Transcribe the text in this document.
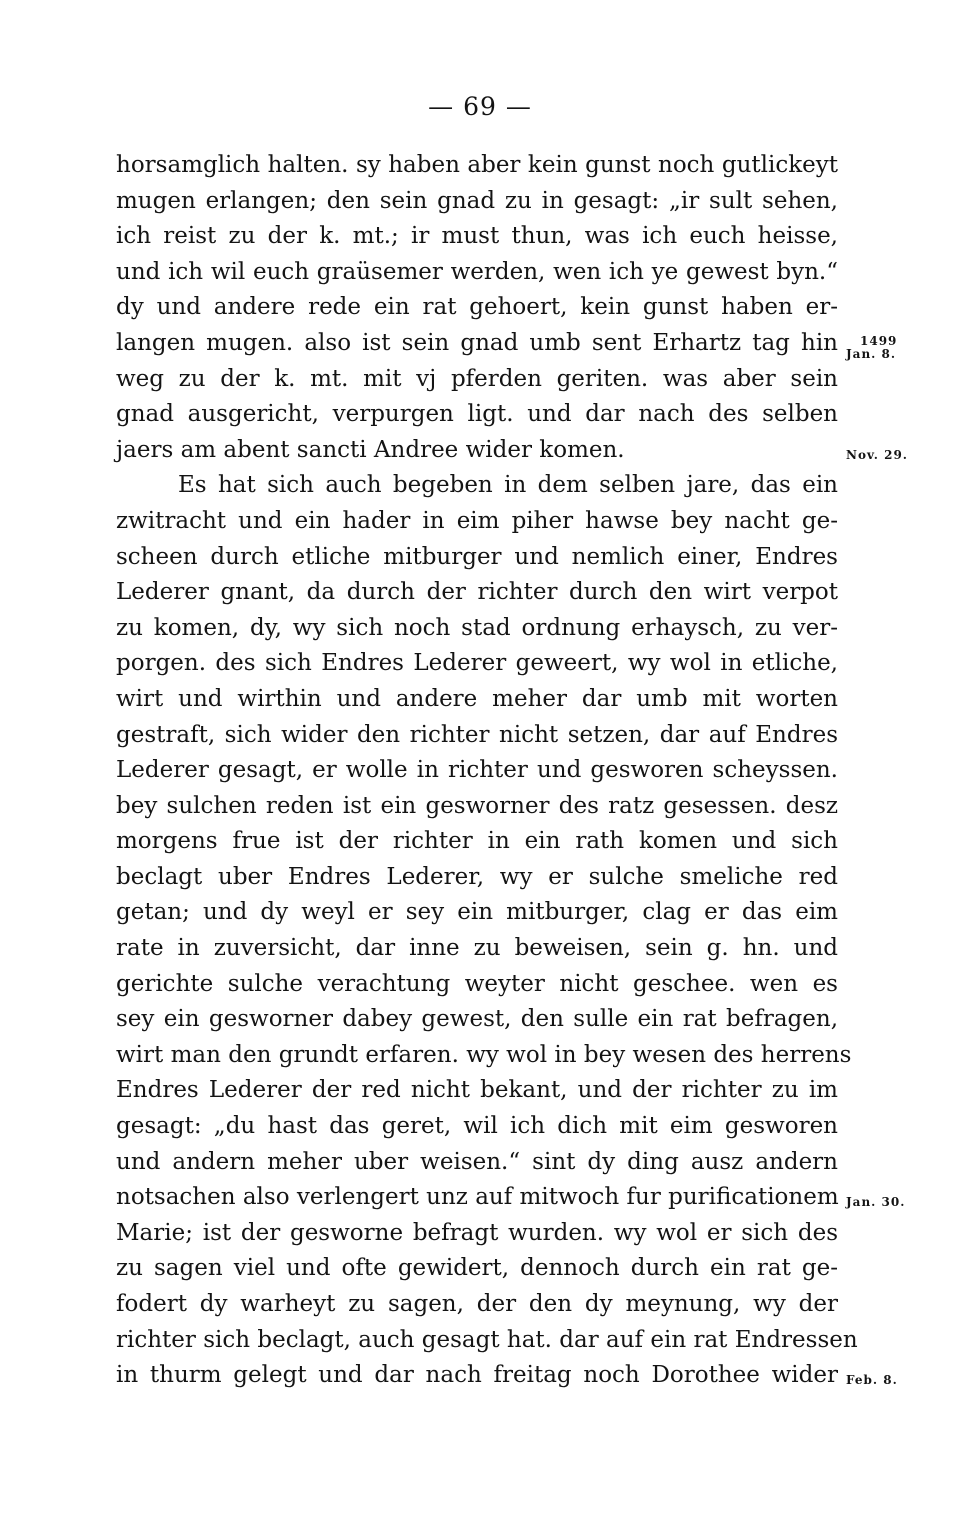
— 69 —
horsamglich halten. sy haben aber kein gunst noch gutlickeyt
mugen erlangen; den sein gnad zu in gesagt: „ir sult sehen,
ich reist zu der k. mt.; ir must thun, was ich euch heisse,
und ich wil euch graüsemer werden, wen ich ye gewest byn.“
dy und andere rede ein rat gehoert, kein gunst haben er-
langen mugen. also ist sein gnad umb sent Erhartz tag hin
weg zu der k. mt. mit vj pferden geriten. was aber sein
gnad ausgericht, verpurgen ligt. und dar nach des selben
jaers am abent sancti Andree wider komen.
Es hat sich auch begeben in dem selben jare, das ein
zwitracht und ein hader in eim piher hawse bey nacht ge-
scheen durch etliche mitburger und nemlich einer, Endres
Lederer gnant, da durch der richter durch den wirt verpot
zu komen, dy, wy sich noch stad ordnung erhaysch, zu ver-
porgen. des sich Endres Lederer geweert, wy wol in etliche,
wirt und wirthin und andere meher dar umb mit worten
gestraft, sich wider den richter nicht setzen, dar auf Endres
Lederer gesagt, er wolle in richter und gesworen scheyssen.
bey sulchen reden ist ein gesworner des ratz gesessen. desz
morgens frue ist der richter in ein rath komen und sich
beclagt uber Endres Lederer, wy er sulche smeliche red
getan; und dy weyl er sey ein mitburger, clag er das eim
rate in zuversicht, dar inne zu beweisen, sein g. hn. und
gerichte sulche verachtung weyter nicht geschee. wen es
sey ein gesworner dabey gewest, den sulle ein rat befragen,
wirt man den grundt erfaren. wy wol in bey wesen des herrens
Endres Lederer der red nicht bekant, und der richter zu im
gesagt: „du hast das geret, wil ich dich mit eim gesworen
und andern meher uber weisen.“ sint dy ding ausz andern
notsachen also verlengert unz auf mitwoch fur purificationem
Marie; ist der gesworne befragt wurden. wy wol er sich des
zu sagen viel und ofte gewidert, dennoch durch ein rat ge-
fodert dy warheyt zu sagen, der den dy meynung, wy der
richter sich beclagt, auch gesagt hat. dar auf ein rat Endressen
in thurm gelegt und dar nach freitag noch Dorothee wider
1499
Jan. 8.
Nov. 29.
Jan. 30.
Feb. 8.
